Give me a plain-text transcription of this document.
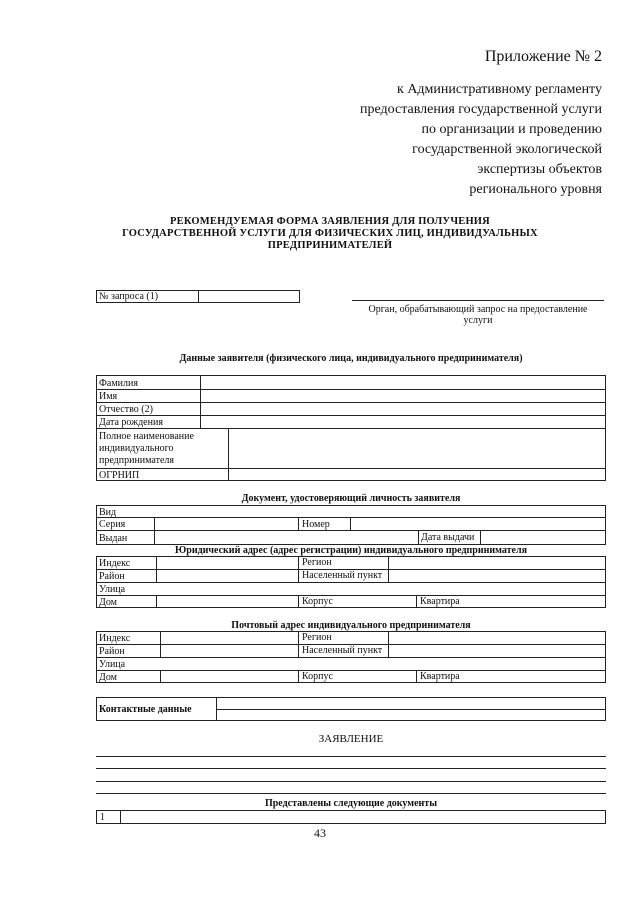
Приложение № 2
к Административному регламенту
предоставления государственной услуги
по организации и проведению
государственной экологической
экспертизы объектов
регионального уровня
РЕКОМЕНДУЕМАЯ ФОРМА ЗАЯВЛЕНИЯ ДЛЯ ПОЛУЧЕНИЯ
ГОСУДАРСТВЕННОЙ УСЛУГИ ДЛЯ ФИЗИЧЕСКИХ ЛИЦ, ИНДИВИДУАЛЬНЫХ
ПРЕДПРИНИМАТЕЛЕЙ
№ запроса (1)
Орган, обрабатывающий запрос на предоставление
услуги
Данные заявителя (физического лица, индивидуального предпринимателя)
Фамилия
Имя
Отчество (2)
Дата рождения
Полное наименование
индивидуального
предпринимателя
ОГРНИП
Документ, удостоверяющий личность заявителя
Вид
Серия	Номер
Выдан	Дата выдачи
Юридический адрес (адрес регистрации) индивидуального предпринимателя
Индекс	Регион
Район	Населенный пункт
Улица
Дом	Корпус	Квартира
Почтовый адрес индивидуального предпринимателя
Индекс	Регион
Район	Населенный пункт
Улица
Дом	Корпус	Квартира
Контактные данные
ЗАЯВЛЕНИЕ
Представлены следующие документы
1
43
